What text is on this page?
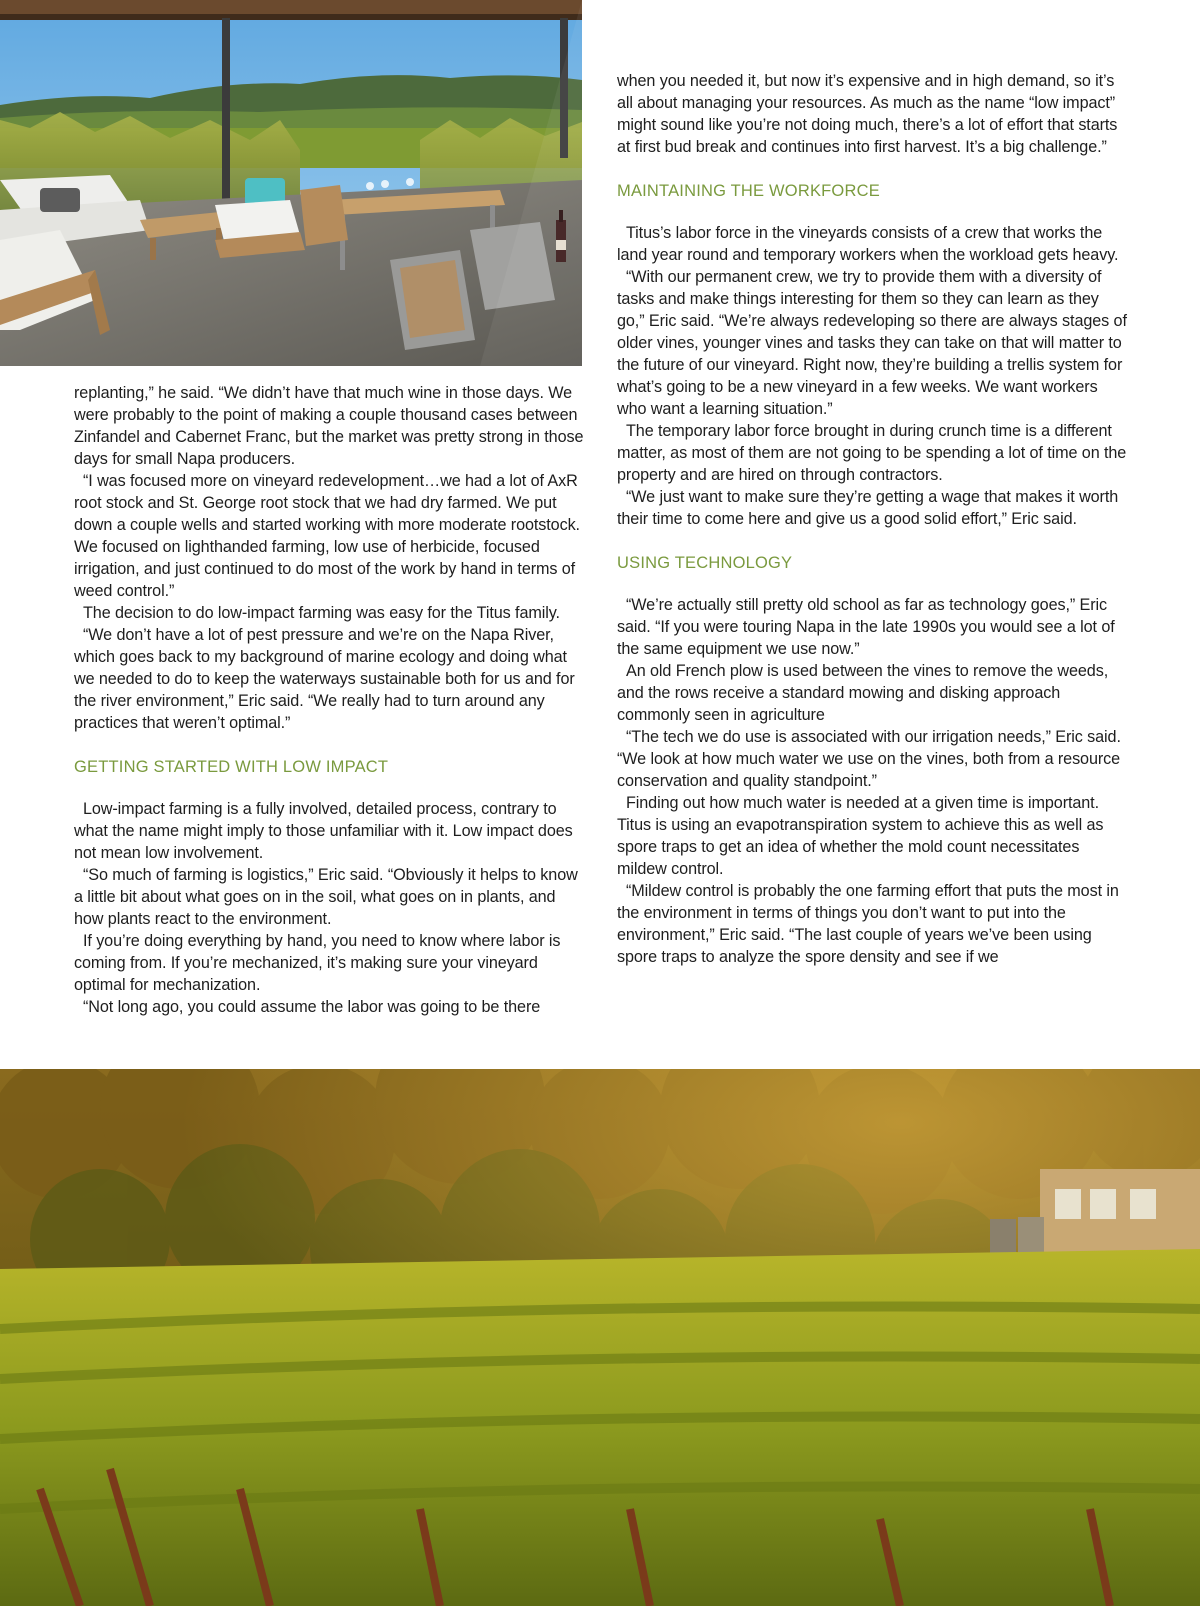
replanting,” he said. “We didn’t have that much wine in those days. We were probably to the point of making a couple thousand cases between Zinfandel and Cabernet Franc, but the market was pretty strong in those days for small Napa producers.

“I was focused more on vineyard redevelopment…we had a lot of AxR root stock and St. George root stock that we had dry farmed. We put down a couple wells and started working with more moderate rootstock. We focused on lighthanded farming, low use of herbicide, focused irrigation, and just continued to do most of the work by hand in terms of weed control.”

The decision to do low-impact farming was easy for the Titus family.

“We don’t have a lot of pest pressure and we’re on the Napa River, which goes back to my background of marine ecology and doing what we needed to do to keep the waterways sustainable both for us and for the river environment,” Eric said. “We really had to turn around any practices that weren’t optimal.”

GETTING STARTED WITH LOW IMPACT

Low-impact farming is a fully involved, detailed process, contrary to what the name might imply to those unfamiliar with it. Low impact does not mean low involvement.

“So much of farming is logistics,” Eric said. “Obviously it helps to know a little bit about what goes on in the soil, what goes on in plants, and how plants react to the environment.

If you’re doing everything by hand, you need to know where labor is coming from. If you’re mechanized, it’s making sure your vineyard optimal for mechanization.

“Not long ago, you could assume the labor was going to be there

when you needed it, but now it’s expensive and in high demand, so it’s all about managing your resources. As much as the name “low impact” might sound like you’re not doing much, there’s a lot of effort that starts at first bud break and continues into first harvest. It’s a big challenge.”

MAINTAINING THE WORKFORCE

Titus’s labor force in the vineyards consists of a crew that works the land year round and temporary workers when the workload gets heavy.

“With our permanent crew, we try to provide them with a diversity of tasks and make things interesting for them so they can learn as they go,” Eric said. “We’re always redeveloping so there are always stages of older vines, younger vines and tasks they can take on that will matter to the future of our vineyard. Right now, they’re building a trellis system for what’s going to be a new vineyard in a few weeks. We want workers who want a learning situation.”

The temporary labor force brought in during crunch time is a different matter, as most of them are not going to be spending a lot of time on the property and are hired on through contractors.

“We just want to make sure they’re getting a wage that makes it worth their time to come here and give us a good solid effort,” Eric said.

USING TECHNOLOGY

“We’re actually still pretty old school as far as technology goes,” Eric said. “If you were touring Napa in the late 1990s you would see a lot of the same equipment we use now.”

An old French plow is used between the vines to remove the weeds, and the rows receive a standard mowing and disking approach commonly seen in agriculture

“The tech we do use is associated with our irrigation needs,” Eric said. “We look at how much water we use on the vines, both from a resource conservation and quality standpoint.”

Finding out how much water is needed at a given time is important. Titus is using an evapotranspiration system to achieve this as well as spore traps to get an idea of whether the mold count necessitates mildew control.

“Mildew control is probably the one farming effort that puts the most in the environment in terms of things you don’t want to put into the environment,” Eric said. “The last couple of years we’ve been using spore traps to analyze the spore density and see if we
